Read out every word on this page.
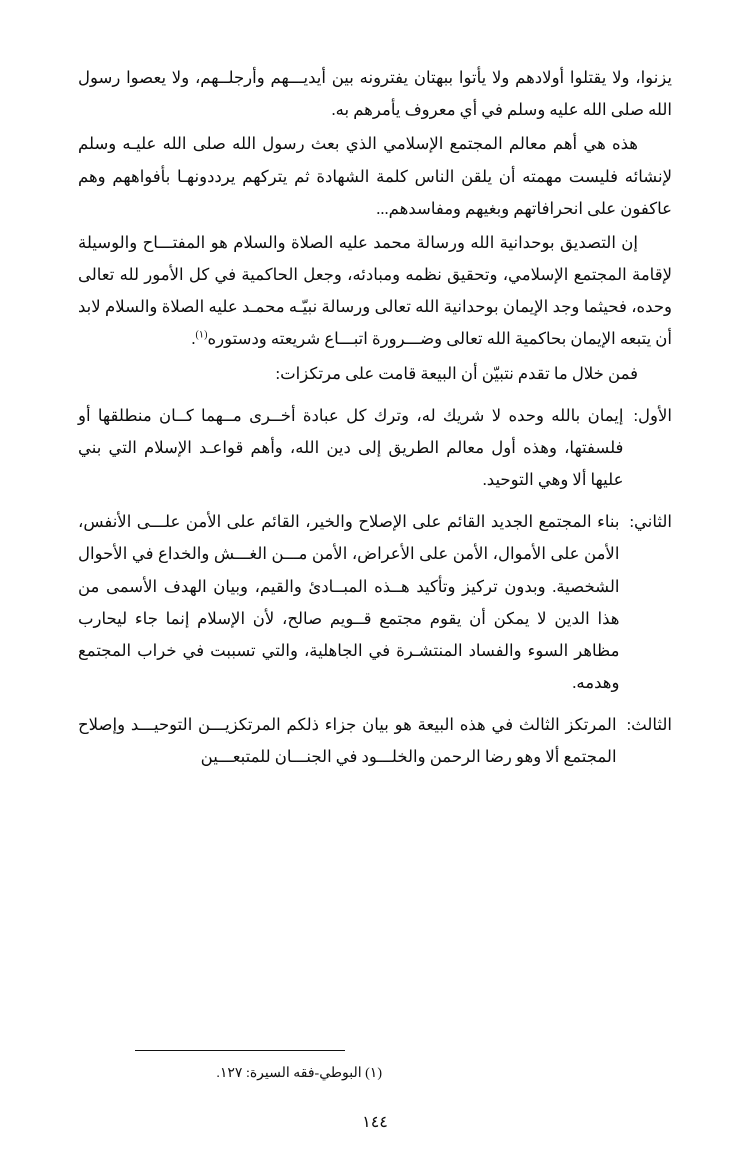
يزنوا، ولا يقتلوا أولادهم ولا يأتوا ببهتان يفترونه بين أيديـــهم وأرجلــهم، ولا يعصوا رسول الله صلى الله عليه وسلم في أي معروف يأمرهم به.

هذه هي أهم معالم المجتمع الإسلامي الذي بعث رسول الله صلى الله عليـه وسلم لإنشائه فليست مهمته أن يلقن الناس كلمة الشهادة ثم يتركهم يرددونهـا بأفواههم وهم عاكفون على انحرافاتهم وبغيهم ومفاسدهم...

إن التصديق بوحدانية الله ورسالة محمد عليه الصلاة والسلام هو المفتـــاح والوسيلة لإقامة المجتمع الإسلامي، وتحقيق نظمه ومبادئه، وجعل الحاكمية في كل الأمور لله تعالى وحده، فحيثما وجد الإيمان بوحدانية الله تعالى ورسالة نبيّـه محمـد عليه الصلاة والسلام لابد أن يتبعه الإيمان بحاكمية الله تعالى وضـــرورة اتبـــاع شريعته ودستوره$^{(١)}$.

فمن خلال ما تقدم نتبيّن أن البيعة قامت على مرتكزات:

الأول:
إيمان بالله وحده لا شريك له، وترك كل عبادة أخــرى مــهما كــان منطلقها أو فلسفتها، وهذه أول معالم الطريق إلى دين الله، وأهم قواعـد الإسلام التي بني عليها ألا وهي التوحيد.
الثاني:
بناء المجتمع الجديد القائم على الإصلاح والخير، القائم على الأمن علـــى الأنفس، الأمن على الأموال، الأمن على الأعراض، الأمن مـــن الغـــش والخداع في الأحوال الشخصية. وبدون تركيز وتأكيد هــذه المبــادئ والقيم، وبيان الهدف الأسمى من هذا الدين لا يمكن أن يقوم مجتمع قــويم صالح، لأن الإسلام إنما جاء ليحارب مظاهر السوء والفساد المنتشـرة في الجاهلية، والتي تسببت في خراب المجتمع وهدمه.
الثالث:
المرتكز الثالث في هذه البيعة هو بيان جزاء ذلكم المرتكزيـــن التوحيـــد وإصلاح المجتمع ألا وهو رضا الرحمن والخلـــود في الجنـــان للمتبعـــين
(١) البوطي-فقه السيرة: ١٢٧.
١٤٤
